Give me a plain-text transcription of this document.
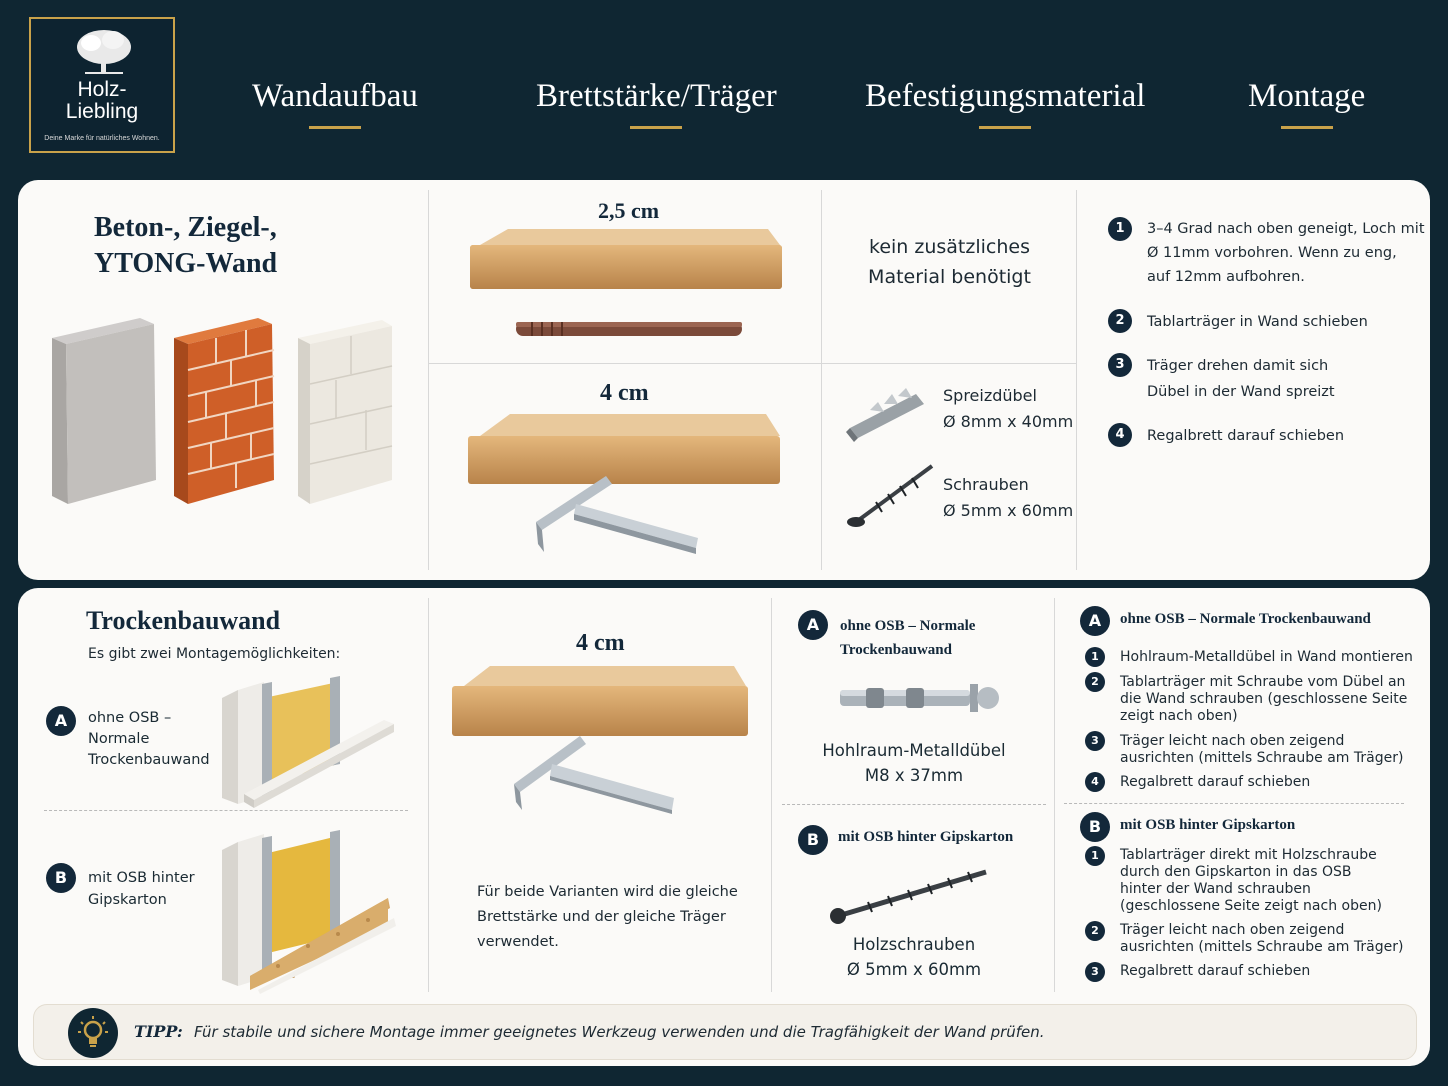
Holz-
Liebling
Deine Marke für natürliches Wohnen.
Wandaufbau	Brettstärke/Träger	Befestigungsmaterial	Montage
Beton-, Ziegel-,
YTONG-Wand
2,5 cm
4 cm
kein zusätzliches
Material benötigt
Spreizdübel
Ø 8mm x 40mm
Schrauben
Ø 5mm x 60mm
1	3–4 Grad nach oben geneigt, Loch mit
Ø 11mm vorbohren. Wenn zu eng,
auf 12mm aufbohren.
2	Tablarträger in Wand schieben
3	Träger drehen damit sich
Dübel in der Wand spreizt
4	Regalbrett darauf schieben
Trockenbauwand
Es gibt zwei Montagemöglichkeiten:
A	ohne OSB –
Normale
Trockenbauwand
B	mit OSB hinter
Gipskarton
4 cm
Für beide Varianten wird die gleiche
Brettstärke und der gleiche Träger
verwendet.
A	ohne OSB – Normale
Trockenbauwand
Hohlraum-Metalldübel
M8 x 37mm
B	mit OSB hinter Gipskarton
Holzschrauben
Ø 5mm x 60mm
A	ohne OSB – Normale Trockenbauwand
1	Hohlraum-Metalldübel in Wand montieren
2	Tablarträger mit Schraube vom Dübel an
die Wand schrauben (geschlossene Seite
zeigt nach oben)
3	Träger leicht nach oben zeigend
ausrichten (mittels Schraube am Träger)
4	Regalbrett darauf schieben
B	mit OSB hinter Gipskarton
1	Tablarträger direkt mit Holzschraube
durch den Gipskarton in das OSB
hinter der Wand schrauben
(geschlossene Seite zeigt nach oben)
2	Träger leicht nach oben zeigend
ausrichten (mittels Schraube am Träger)
3	Regalbrett darauf schieben
TIPP: Für stabile und sichere Montage immer geeignetes Werkzeug verwenden und die Tragfähigkeit der Wand prüfen.
